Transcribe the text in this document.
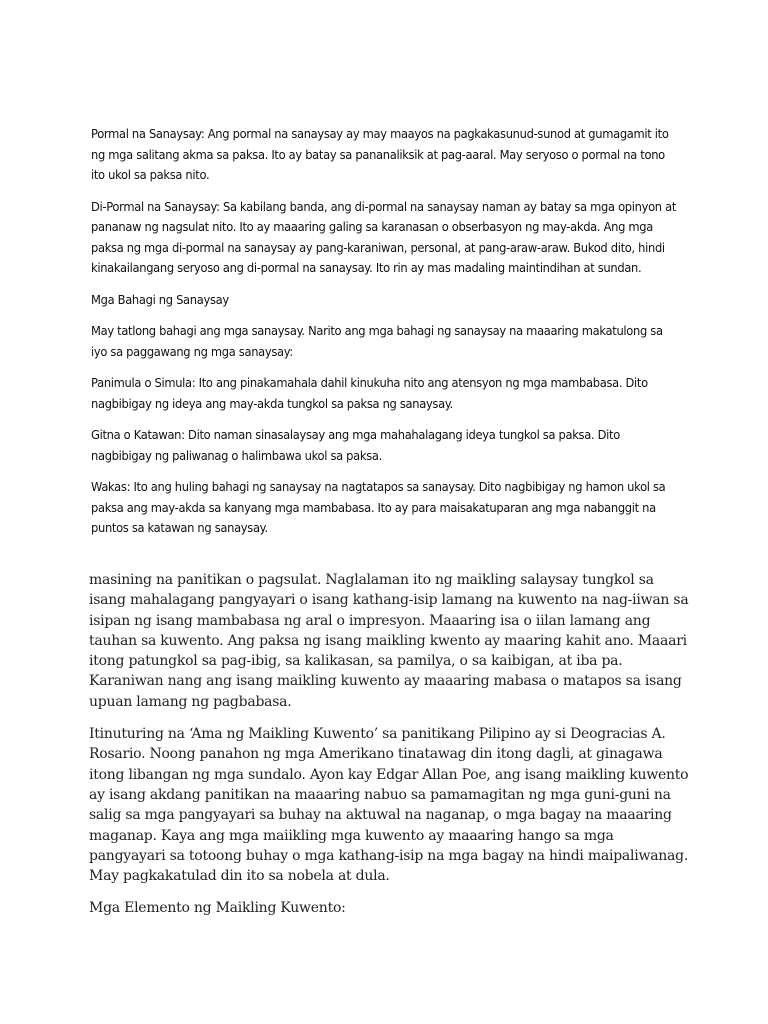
Pormal na Sanaysay: Ang pormal na sanaysay ay may maayos na pagkakasunud-sunod at gumagamit ito ng mga salitang akma sa paksa. Ito ay batay sa pananaliksik at pag-aaral. May seryoso o pormal na tono ito ukol sa paksa nito.

Di-Pormal na Sanaysay: Sa kabilang banda, ang di-pormal na sanaysay naman ay batay sa mga opinyon at pananaw ng nagsulat nito. Ito ay maaaring galing sa karanasan o obserbasyon ng may-akda. Ang mga paksa ng mga di-pormal na sanaysay ay pang-karaniwan, personal, at pang-araw-araw. Bukod dito, hindi kinakailangang seryoso ang di-pormal na sanaysay. Ito rin ay mas madaling maintindihan at sundan.

Mga Bahagi ng Sanaysay

May tatlong bahagi ang mga sanaysay. Narito ang mga bahagi ng sanaysay na maaaring makatulong sa iyo sa paggawang ng mga sanaysay:

Panimula o Simula: Ito ang pinakamahala dahil kinukuha nito ang atensyon ng mga mambabasa. Dito nagbibigay ng ideya ang may-akda tungkol sa paksa ng sanaysay.

Gitna o Katawan: Dito naman sinasalaysay ang mga mahahalagang ideya tungkol sa paksa. Dito nagbibigay ng paliwanag o halimbawa ukol sa paksa.

Wakas: Ito ang huling bahagi ng sanaysay na nagtatapos sa sanaysay. Dito nagbibigay ng hamon ukol sa paksa ang may-akda sa kanyang mga mambabasa. Ito ay para maisakatuparan ang mga nabanggit na puntos sa katawan ng sanaysay.

masining na panitikan o pagsulat. Naglalaman ito ng maikling salaysay tungkol sa isang mahalagang pangyayari o isang kathang-isip lamang na kuwento na nag-iiwan sa isipan ng isang mambabasa ng aral o impresyon. Maaaring isa o iilan lamang ang tauhan sa kuwento. Ang paksa ng isang maikling kwento ay maaring kahit ano. Maaari itong patungkol sa pag-ibig, sa kalikasan, sa pamilya, o sa kaibigan, at iba pa. Karaniwan nang ang isang maikling kuwento ay maaaring mabasa o matapos sa isang upuan lamang ng pagbabasa.

Itinuturing na ‘Ama ng Maikling Kuwento’ sa panitikang Pilipino ay si Deogracias A. Rosario. Noong panahon ng mga Amerikano tinatawag din itong dagli, at ginagawa itong libangan ng mga sundalo. Ayon kay Edgar Allan Poe, ang isang maikling kuwento ay isang akdang panitikan na maaaring nabuo sa pamamagitan ng mga guni-guni na salig sa mga pangyayari sa buhay na aktuwal na naganap, o mga bagay na maaaring maganap. Kaya ang mga maiikling mga kuwento ay maaaring hango sa mga pangyayari sa totoong buhay o mga kathang-isip na mga bagay na hindi maipaliwanag. May pagkakatulad din ito sa nobela at dula.

Mga Elemento ng Maikling Kuwento:
